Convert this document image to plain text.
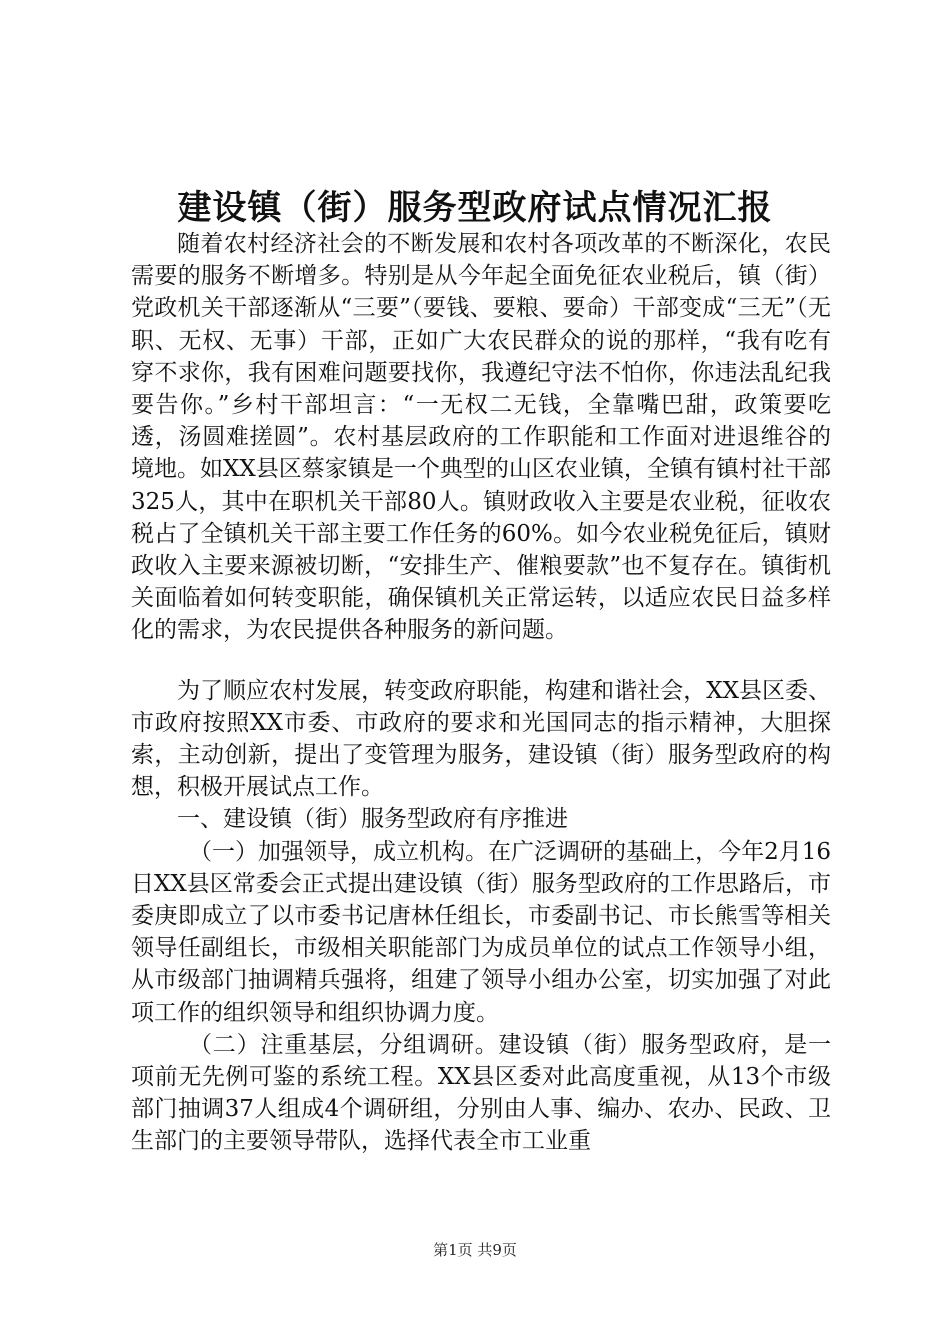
建设镇（街）服务型政府试点情况汇报

随着农村经济社会的不断发展和农村各项改革的不断深化，农民需要的服务不断增多。特别是从今年起全面免征农业税后，镇（街）党政机关干部逐渐从“三要”（要钱、要粮、要命）干部变成“三无”（无职、无权、无事）干部，正如广大农民群众的说的那样，“我有吃有穿不求你，我有困难问题要找你，我遵纪守法不怕你，你违法乱纪我要告你。”乡村干部坦言：“一无权二无钱，全靠嘴巴甜，政策要吃透，汤圆难搓圆”。农村基层政府的工作职能和工作面对进退维谷的境地。如XX县区蔡家镇是一个典型的山区农业镇，全镇有镇村社干部325人，其中在职机关干部80人。镇财政收入主要是农业税，征收农税占了全镇机关干部主要工作任务的60%。如今农业税免征后，镇财政收入主要来源被切断，“安排生产、催粮要款”也不复存在。镇街机关面临着如何转变职能，确保镇机关正常运转，以适应农民日益多样化的需求，为农民提供各种服务的新问题。

为了顺应农村发展，转变政府职能，构建和谐社会，XX县区委、市政府按照XX市委、市政府的要求和光国同志的指示精神，大胆探索，主动创新，提出了变管理为服务，建设镇（街）服务型政府的构想，积极开展试点工作。

一、建设镇（街）服务型政府有序推进

（一）加强领导，成立机构。在广泛调研的基础上，今年2月16日XX县区常委会正式提出建设镇（街）服务型政府的工作思路后，市委庚即成立了以市委书记唐林任组长，市委副书记、市长熊雪等相关领导任副组长，市级相关职能部门为成员单位的试点工作领导小组，从市级部门抽调精兵强将，组建了领导小组办公室，切实加强了对此项工作的组织领导和组织协调力度。

（二）注重基层，分组调研。建设镇（街）服务型政府，是一项前无先例可鉴的系统工程。XX县区委对此高度重视，从13个市级部门抽调37人组成4个调研组，分别由人事、编办、农办、民政、卫生部门的主要领导带队，选择代表全市工业重

第1页 共9页
